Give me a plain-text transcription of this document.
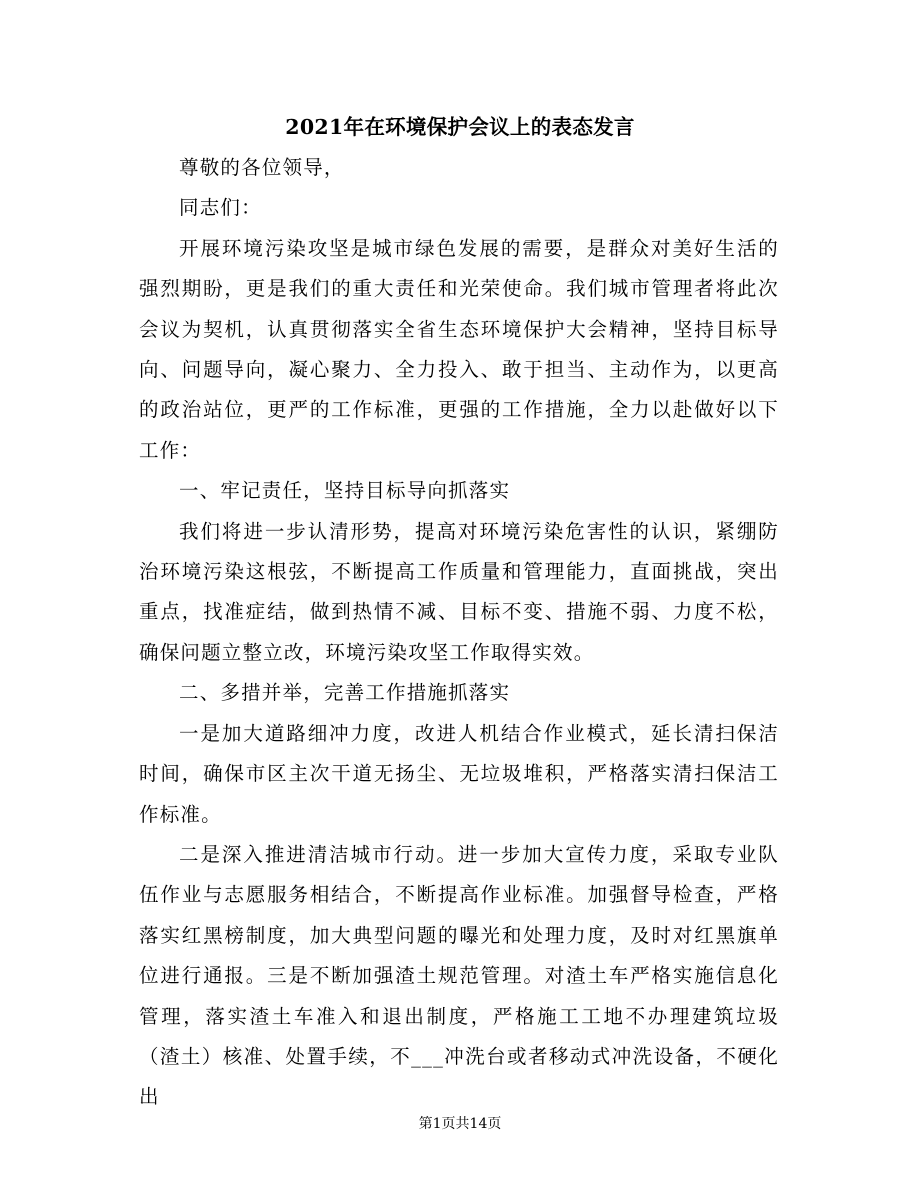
2021年在环境保护会议上的表态发言

尊敬的各位领导，

同志们：

开展环境污染攻坚是城市绿色发展的需要，是群众对美好生活的强烈期盼，更是我们的重大责任和光荣使命。我们城市管理者将此次会议为契机，认真贯彻落实全省生态环境保护大会精神，坚持目标导向、问题导向，凝心聚力、全力投入、敢于担当、主动作为，以更高的政治站位，更严的工作标准，更强的工作措施，全力以赴做好以下工作：

一、牢记责任，坚持目标导向抓落实

我们将进一步认清形势，提高对环境污染危害性的认识，紧绷防治环境污染这根弦，不断提高工作质量和管理能力，直面挑战，突出重点，找准症结，做到热情不减、目标不变、措施不弱、力度不松，确保问题立整立改，环境污染攻坚工作取得实效。

二、多措并举，完善工作措施抓落实

一是加大道路细冲力度，改进人机结合作业模式，延长清扫保洁时间，确保市区主次干道无扬尘、无垃圾堆积，严格落实清扫保洁工作标准。

二是深入推进清洁城市行动。进一步加大宣传力度，采取专业队伍作业与志愿服务相结合，不断提高作业标准。加强督导检查，严格落实红黑榜制度，加大典型问题的曝光和处理力度，及时对红黑旗单位进行通报。三是不断加强渣土规范管理。对渣土车严格实施信息化管理，落实渣土车准入和退出制度，严格施工工地不办理建筑垃圾（渣土）核准、处置手续，不___冲洗台或者移动式冲洗设备，不硬化出

第1页共14页
